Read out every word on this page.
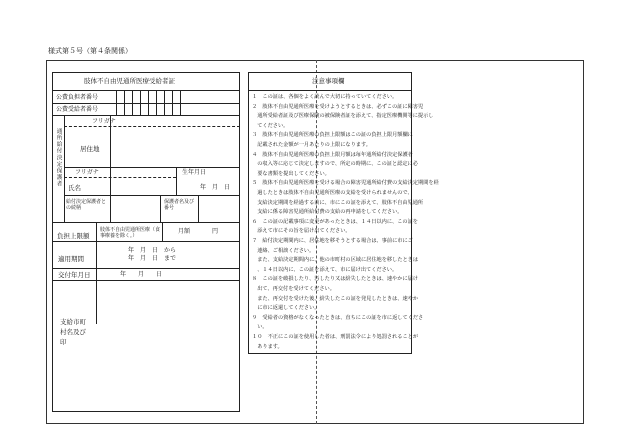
様式第５号（第４条関係）
肢体不自由児通所医療受給者証
公費負担者番号
公費受給者番号
通所給付決定保護者
フリガナ
居住地
フリガナ	生年月日
氏名	年　月　日
給付決定保護者との続柄
保護者名及び番号
負担上限額
肢体不自由児通所医療（食事療養を除く。）
月額	円
適用期間
年　月　日　から
年　月　日　まで
交付年月日	年　　月　　日
支給市町村名及び印
注意事項欄
１　この証は、各個をよく読んで大切に持っていてください。
２　肢体不自由児通所医療を受けようとするときは、必ずこの証に障害児
　通所受給者証及び医療保険の被保険者証を添えて、指定医療機関等に提示し
　てください。
３　肢体不自由児通所医療の負担上限額はこの証の負担上限月額欄に
　記載された金額が一月あたりの上限になります。
４　肢体不自由児通所医療の負担上限月額は毎年通所給付決定保護者
　の収入等に応じて決定しますので、所定の時期に、この証と認定に必
　要な書類を提出してください。
５　肢体不自由児通所医療を受ける場合の障害児通所給付費の支給決定期間を経
　過したときは肢体不自由児通所医療の支給を受けられませんので、
　支給決定期間を経過する前に、市にこの証を添えて、肢体不自由児通所
　支給に係る障害児通所給付費の支給の再申請をしてください。
６　この証の記載事項に変更があったときは、１４日以内に、この証を
　添えて市にその旨を届け出てください。
７　給付決定期間内に、居住地を移そうとする場合は、事前に市にご
　連絡、ご相談ください。
　また、支給決定期間内に、他の市町村の区域に居住地を移したときは
　、１４日以内に、この証を添えて、市に届け出てください。
８　この証を破損したり、汚したり又は紛失したときは、速やかに届け
　出て、再交付を受けてください。
　また、再交付を受けた後、紛失したこの証を発見したときは、速やか
　に市に返還してください。
９　受給者の資格がなくなったときは、直ちにこの証を市に返してくださ
　い。
１０　不正にこの証を使用した者は、刑罰法令により処罰されることが
　あります。
